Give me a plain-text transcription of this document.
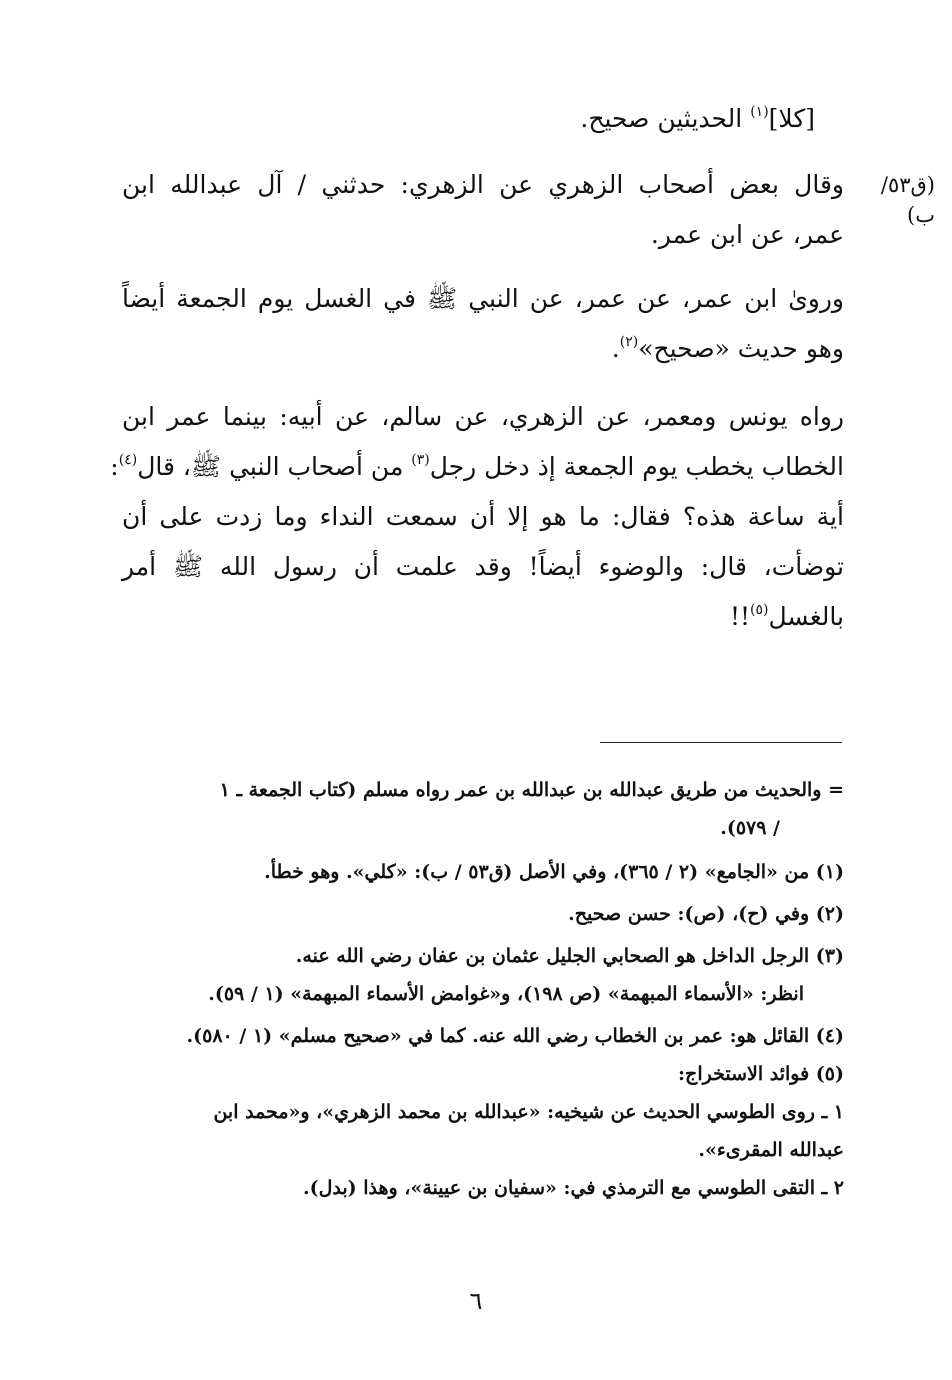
[كلا]$^{(١)}$ الحديثين صحيح.
(ق٥٣/ب)
وقال بعض أصحاب الزهري عن الزهري: حدثني / آل عبدالله ابن
عمر، عن ابن عمر.
وروىٰ ابن عمر، عن عمر، عن النبي ﷺ في الغسل يوم الجمعة أيضاً
وهو حديث «صحيح»$^{(٢)}$.
رواه يونس ومعمر، عن الزهري، عن سالم، عن أبيه: بينما عمر ابن
الخطاب يخطب يوم الجمعة إذ دخل رجل$^{(٣)}$ من أصحاب النبي ﷺ، قال$^{(٤)}$:
أية ساعة هذه؟ فقال: ما هو إلا أن سمعت النداء وما زدت على أن
توضأت، قال: والوضوء أيضاً! وقد علمت أن رسول الله ﷺ أمر
بالغسل$^{(٥)}$!!
= والحديث من طريق عبدالله بن عبدالله بن عمر رواه مسلم (كتاب الجمعة ـ ١
/ ٥٧٩).
(١) من «الجامع» (٢ / ٣٦٥)، وفي الأصل (ق٥٣ / ب): «كلي». وهو خطأ.
(٢) وفي (ح)، (ص): حسن صحيح.
(٣) الرجل الداخل هو الصحابي الجليل عثمان بن عفان رضي الله عنه.
انظر: «الأسماء المبهمة» (ص ١٩٨)، و«غوامض الأسماء المبهمة» (١ / ٥٩).
(٤) القائل هو: عمر بن الخطاب رضي الله عنه. كما في «صحيح مسلم» (١ / ٥٨٠).
(٥) فوائد الاستخراج:
١ ـ روى الطوسي الحديث عن شيخيه: «عبدالله بن محمد الزهري»، و«محمد ابن
عبدالله المقرىء».
٢ ـ التقى الطوسي مع الترمذي في: «سفيان بن عيينة»، وهذا (بدل).
٦
